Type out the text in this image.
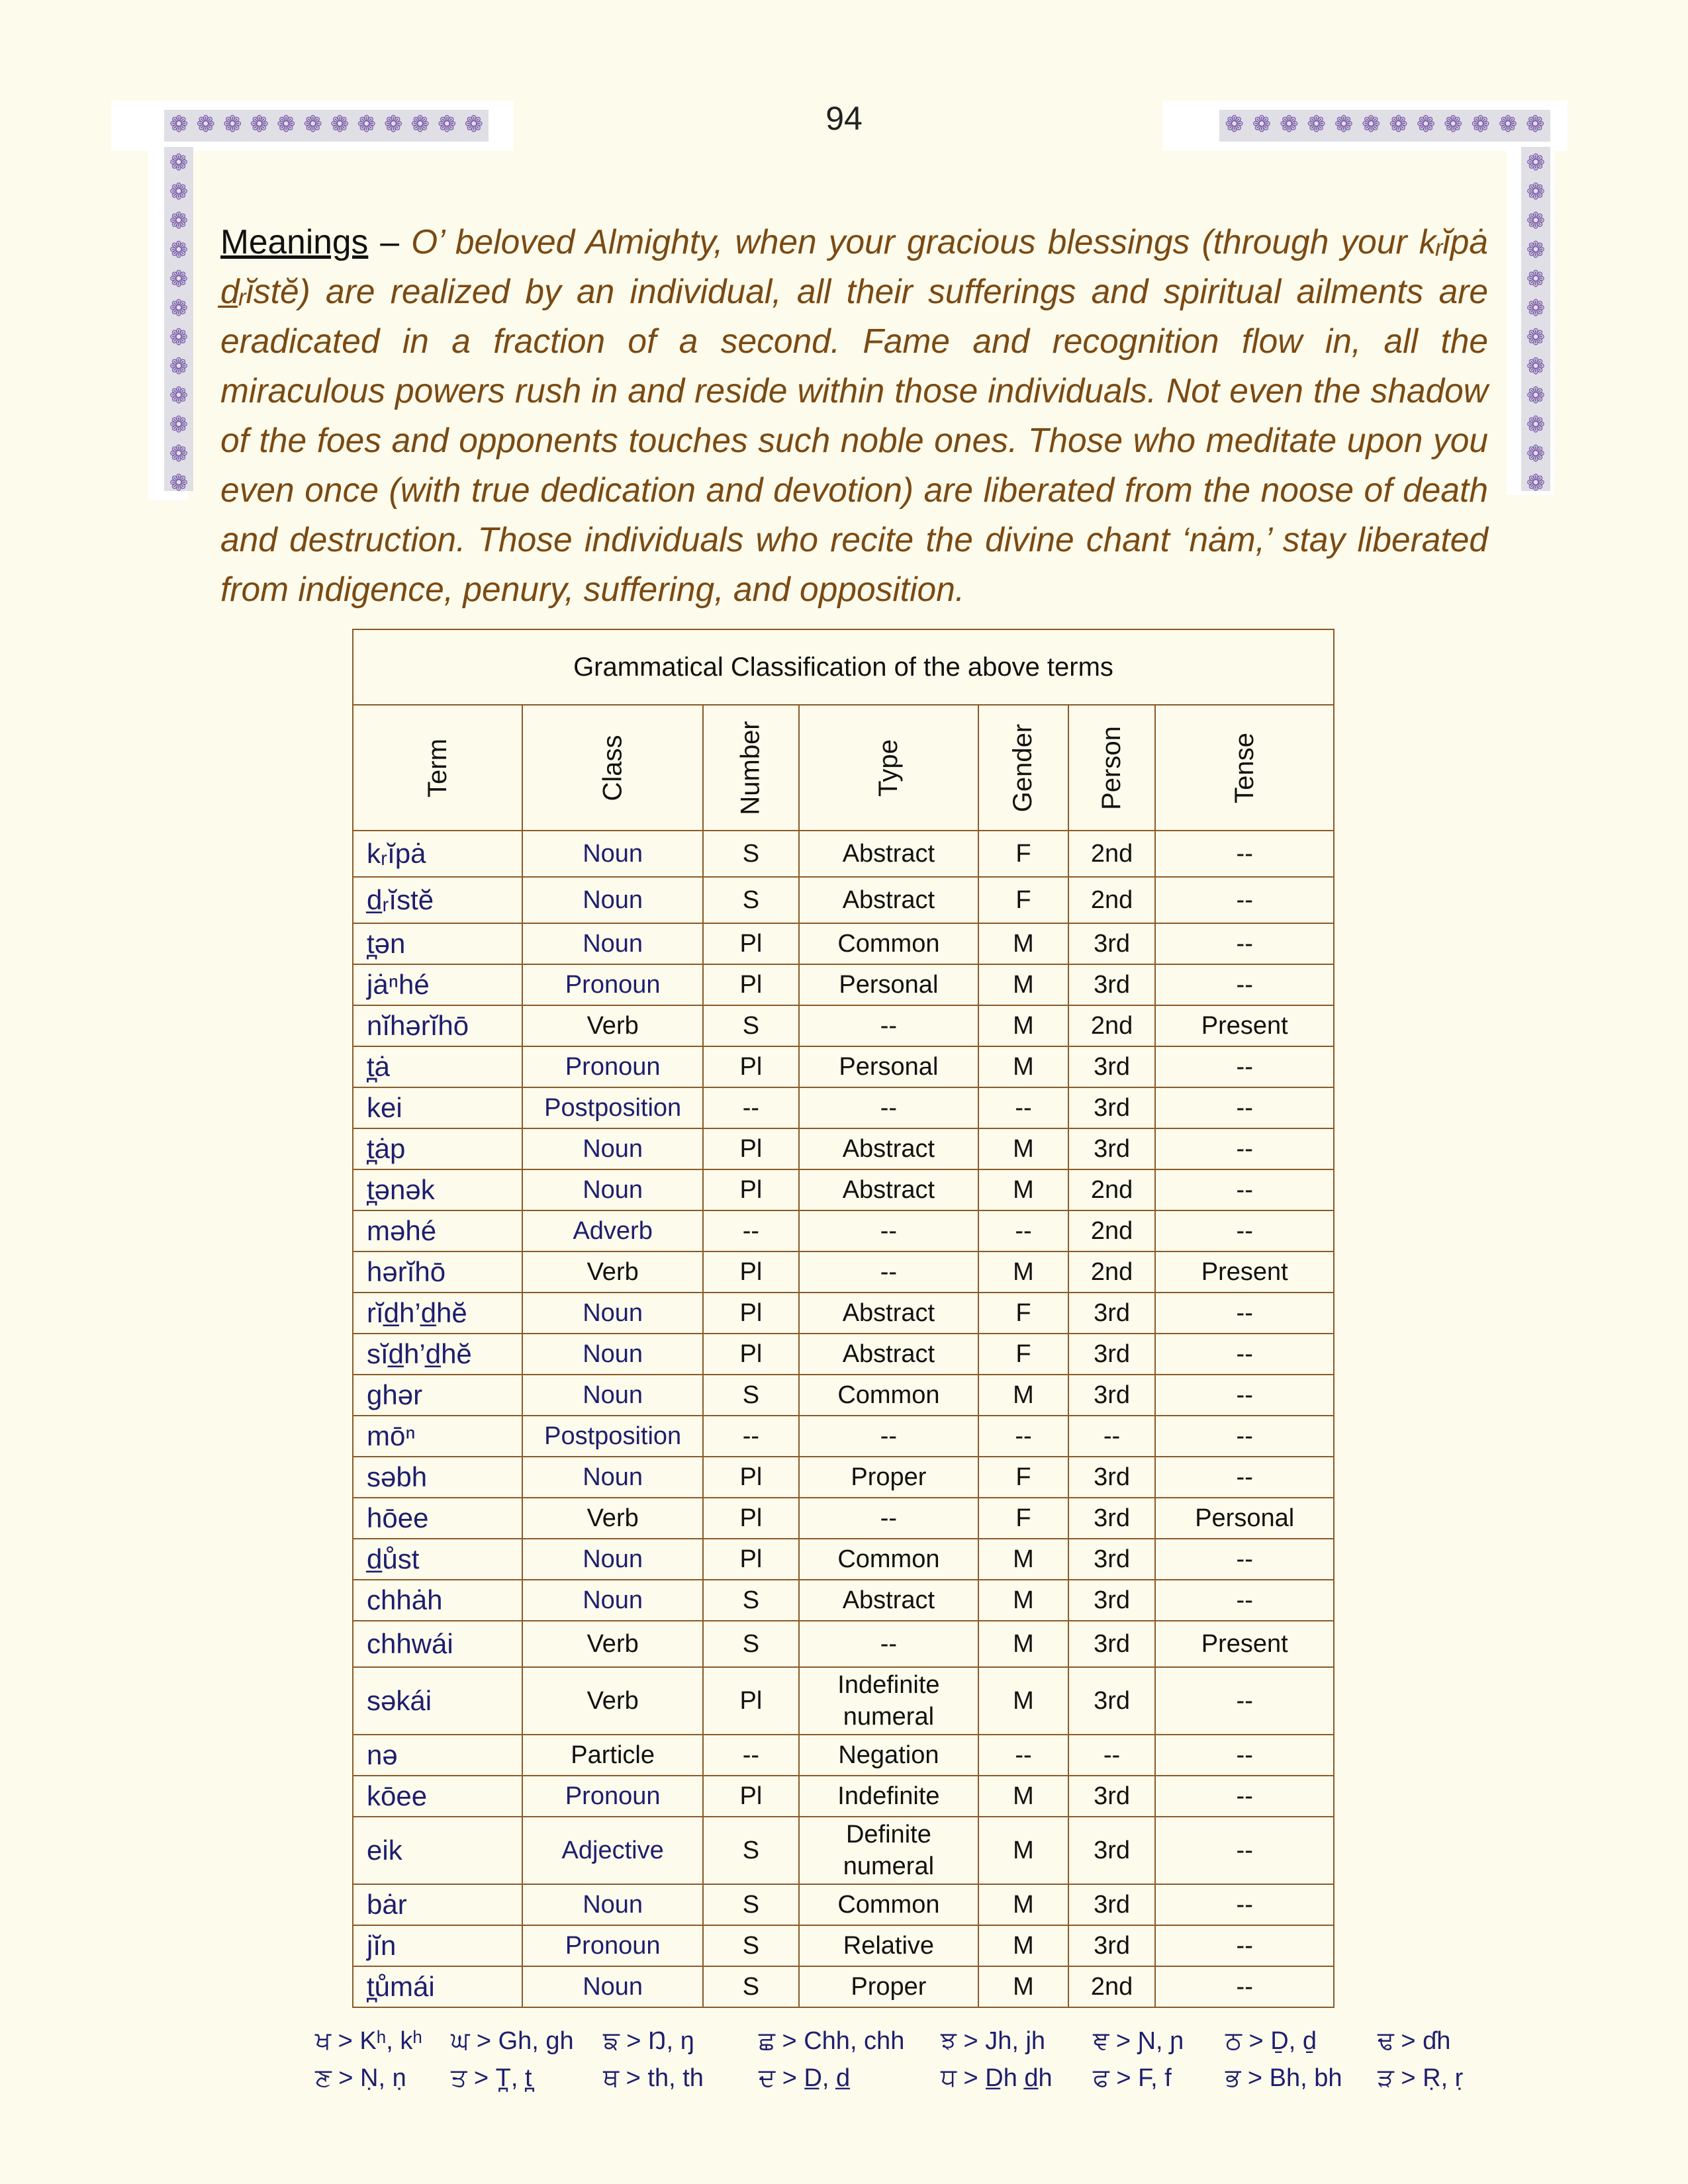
❁ ❁ ❁ ❁ ❁ ❁ ❁ ❁ ❁ ❁ ❁ ❁	❁ ❁ ❁ ❁ ❁ ❁ ❁ ❁ ❁ ❁ ❁ ❁
❁
❁
❁
❁
❁
❁
❁
❁
❁
❁
❁
❁
❁
❁
❁
❁
❁
❁
❁
❁
❁
❁
❁
❁
94

Meanings – O’ beloved Almighty, when your gracious blessings (through your kᵣĭpȧ d̲ᵣĭstĕ) are realized by an individual, all their sufferings and spiritual ailments are eradicated in a fraction of a second. Fame and recognition flow in, all the miraculous powers rush in and reside within those individuals. Not even the shadow of the foes and opponents touches such noble ones. Those who meditate upon you even once (with true dedication and devotion) are liberated from the noose of death and destruction. Those individuals who recite the divine chant ‘nȧm,’ stay liberated from indigence, penury, suffering, and opposition.

Grammatical Classification of the above terms						
Term	Class	Number	Type	Gender	Person	Tense
kᵣĭpȧ	Noun	S	Abstract	F	2nd	--
d̲ᵣĭstĕ	Noun	S	Abstract	F	2nd	--
t̪ən	Noun	Pl	Common	M	3rd	--
jȧⁿhé	Pronoun	Pl	Personal	M	3rd	--
nĭhərĭhō	Verb	S	--	M	2nd	Present
t̪ȧ	Pronoun	Pl	Personal	M	3rd	--
kei	Postposition	--	--	--	3rd	--
t̪ȧp	Noun	Pl	Abstract	M	3rd	--
t̪ənək	Noun	Pl	Abstract	M	2nd	--
məhé	Adverb	--	--	--	2nd	--
hərĭhō	Verb	Pl	--	M	2nd	Present
rĭd̲h’d̲hĕ	Noun	Pl	Abstract	F	3rd	--
sĭd̲h’d̲hĕ	Noun	Pl	Abstract	F	3rd	--
ghər	Noun	S	Common	M	3rd	--
mōⁿ	Postposition	--	--	--	--	--
səbh	Noun	Pl	Proper	F	3rd	--
hōee	Verb	Pl	--	F	3rd	Personal
d̲ůst	Noun	Pl	Common	M	3rd	--
chhȧh	Noun	S	Abstract	M	3rd	--
chhwái	Verb	S	--	M	3rd	Present
səkái	Verb	Pl	Indefinite numeral	M	3rd	--
nə	Particle	--	Negation	--	--	--
kōee	Pronoun	Pl	Indefinite	M	3rd	--
eik	Adjective	S	Definite numeral	M	3rd	--
bȧr	Noun	S	Common	M	3rd	--
jĭn	Pronoun	S	Relative	M	3rd	--
t̪ůmái	Noun	S	Proper	M	2nd	--
ਖ > Kʰ, kʰ	ਘ > Gh, gh	ਙ > Ŋ, ŋ	ਛ > Chh, chh	ਝ > Jh, jh	ਞ > Ɲ, ɲ	ਠ > Ḏ, ḏ	ਢ > ɗh
ਣ > Ṇ, ṇ	ਤ > T̪, t̪	ਥ > th, th	ਦ > D̲, d̲	ਧ > D̲h d̲h	ਫ > F, f	ਭ > Bh, bh	ੜ > Ṛ, ṛ
